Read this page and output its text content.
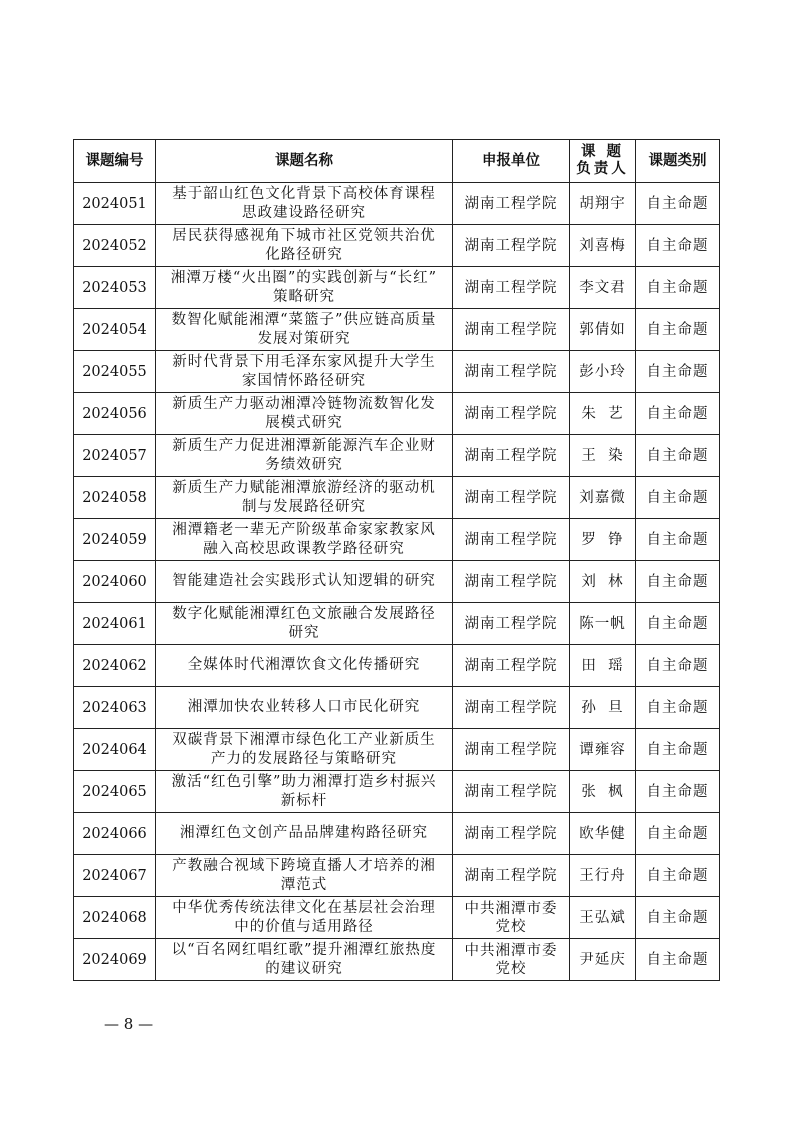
课题编号	课题名称	申报单位	课 题
负责人	课题类别
2024051	基于韶山红色文化背景下高校体育课程
思政建设路径研究	湖南工程学院	胡翔宇	自主命题
2024052	居民获得感视角下城市社区党领共治优
化路径研究	湖南工程学院	刘喜梅	自主命题
2024053	湘潭万楼“火出圈”的实践创新与“长红”
策略研究	湖南工程学院	李文君	自主命题
2024054	数智化赋能湘潭“菜篮子”供应链高质量
发展对策研究	湖南工程学院	郭倩如	自主命题
2024055	新时代背景下用毛泽东家风提升大学生
家国情怀路径研究	湖南工程学院	彭小玲	自主命题
2024056	新质生产力驱动湘潭冷链物流数智化发
展模式研究	湖南工程学院	朱  艺	自主命题
2024057	新质生产力促进湘潭新能源汽车企业财
务绩效研究	湖南工程学院	王  染	自主命题
2024058	新质生产力赋能湘潭旅游经济的驱动机
制与发展路径研究	湖南工程学院	刘嘉微	自主命题
2024059	湘潭籍老一辈无产阶级革命家家教家风
融入高校思政课教学路径研究	湖南工程学院	罗  铮	自主命题
2024060	智能建造社会实践形式认知逻辑的研究	湖南工程学院	刘  林	自主命题
2024061	数字化赋能湘潭红色文旅融合发展路径
研究	湖南工程学院	陈一帆	自主命题
2024062	全媒体时代湘潭饮食文化传播研究	湖南工程学院	田  瑶	自主命题
2024063	湘潭加快农业转移人口市民化研究	湖南工程学院	孙  旦	自主命题
2024064	双碳背景下湘潭市绿色化工产业新质生
产力的发展路径与策略研究	湖南工程学院	谭雍容	自主命题
2024065	激活“红色引擎”助力湘潭打造乡村振兴
新标杆	湖南工程学院	张  枫	自主命题
2024066	湘潭红色文创产品品牌建构路径研究	湖南工程学院	欧华健	自主命题
2024067	产教融合视域下跨境直播人才培养的湘
潭范式	湖南工程学院	王行舟	自主命题
2024068	中华优秀传统法律文化在基层社会治理
中的价值与适用路径	中共湘潭市委
党校	王弘斌	自主命题
2024069	以“百名网红唱红歌”提升湘潭红旅热度
的建议研究	中共湘潭市委
党校	尹延庆	自主命题
— 8 —
